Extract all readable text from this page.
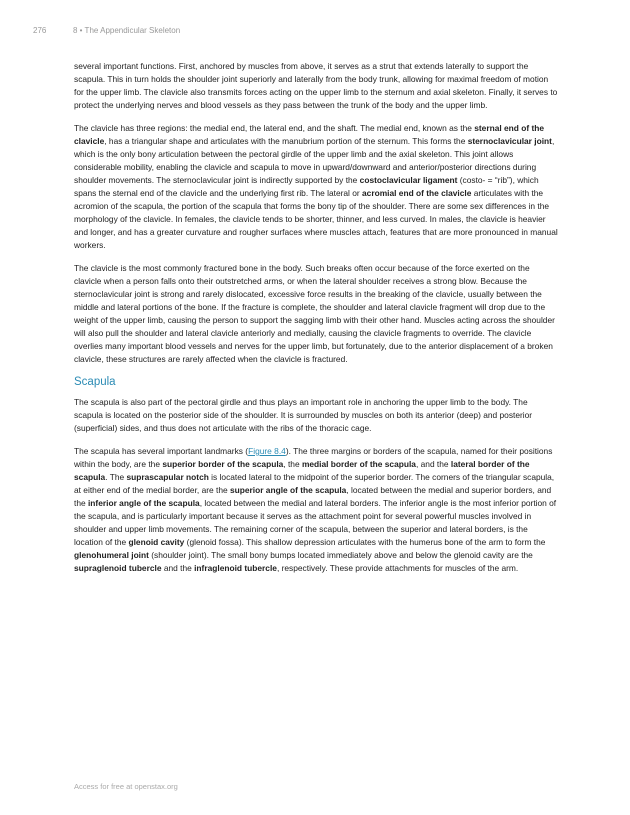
276	8 • The Appendicular Skeleton

several important functions. First, anchored by muscles from above, it serves as a strut that extends laterally to support the scapula. This in turn holds the shoulder joint superiorly and laterally from the body trunk, allowing for maximal freedom of motion for the upper limb. The clavicle also transmits forces acting on the upper limb to the sternum and axial skeleton. Finally, it serves to protect the underlying nerves and blood vessels as they pass between the trunk of the body and the upper limb.

The clavicle has three regions: the medial end, the lateral end, and the shaft. The medial end, known as the sternal end of the clavicle, has a triangular shape and articulates with the manubrium portion of the sternum. This forms the sternoclavicular joint, which is the only bony articulation between the pectoral girdle of the upper limb and the axial skeleton. This joint allows considerable mobility, enabling the clavicle and scapula to move in upward/downward and anterior/posterior directions during shoulder movements. The sternoclavicular joint is indirectly supported by the costoclavicular ligament (costo- = “rib”), which spans the sternal end of the clavicle and the underlying first rib. The lateral or acromial end of the clavicle articulates with the acromion of the scapula, the portion of the scapula that forms the bony tip of the shoulder. There are some sex differences in the morphology of the clavicle. In females, the clavicle tends to be shorter, thinner, and less curved. In males, the clavicle is heavier and longer, and has a greater curvature and rougher surfaces where muscles attach, features that are more pronounced in manual workers.

The clavicle is the most commonly fractured bone in the body. Such breaks often occur because of the force exerted on the clavicle when a person falls onto their outstretched arms, or when the lateral shoulder receives a strong blow. Because the sternoclavicular joint is strong and rarely dislocated, excessive force results in the breaking of the clavicle, usually between the middle and lateral portions of the bone. If the fracture is complete, the shoulder and lateral clavicle fragment will drop due to the weight of the upper limb, causing the person to support the sagging limb with their other hand. Muscles acting across the shoulder will also pull the shoulder and lateral clavicle anteriorly and medially, causing the clavicle fragments to override. The clavicle overlies many important blood vessels and nerves for the upper limb, but fortunately, due to the anterior displacement of a broken clavicle, these structures are rarely affected when the clavicle is fractured.

Scapula

The scapula is also part of the pectoral girdle and thus plays an important role in anchoring the upper limb to the body. The scapula is located on the posterior side of the shoulder. It is surrounded by muscles on both its anterior (deep) and posterior (superficial) sides, and thus does not articulate with the ribs of the thoracic cage.

The scapula has several important landmarks (Figure 8.4). The three margins or borders of the scapula, named for their positions within the body, are the superior border of the scapula, the medial border of the scapula, and the lateral border of the scapula. The suprascapular notch is located lateral to the midpoint of the superior border. The corners of the triangular scapula, at either end of the medial border, are the superior angle of the scapula, located between the medial and superior borders, and the inferior angle of the scapula, located between the medial and lateral borders. The inferior angle is the most inferior portion of the scapula, and is particularly important because it serves as the attachment point for several powerful muscles involved in shoulder and upper limb movements. The remaining corner of the scapula, between the superior and lateral borders, is the location of the glenoid cavity (glenoid fossa). This shallow depression articulates with the humerus bone of the arm to form the glenohumeral joint (shoulder joint). The small bony bumps located immediately above and below the glenoid cavity are the supraglenoid tubercle and the infraglenoid tubercle, respectively. These provide attachments for muscles of the arm.

Access for free at openstax.org
